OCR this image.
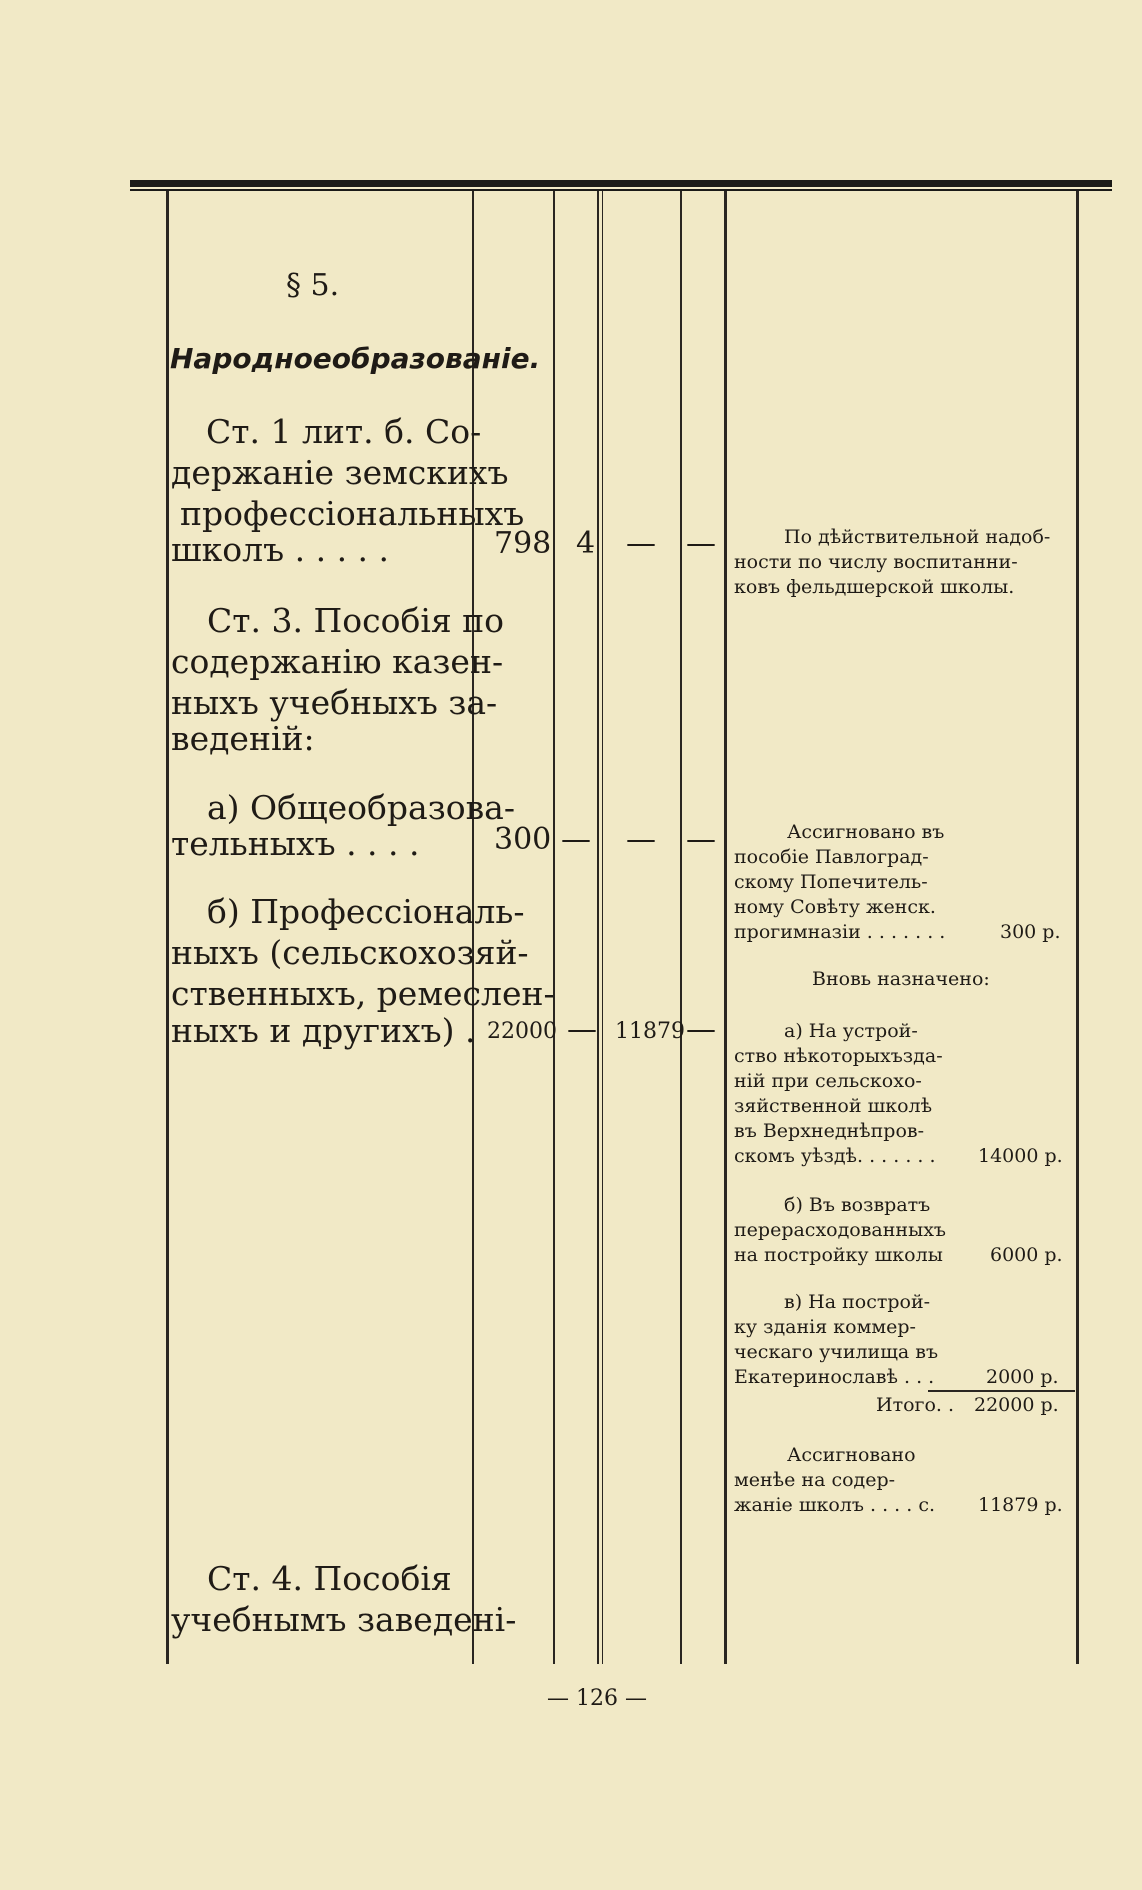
§ 5.
Народноеобразованіе.
Ст. 1 лит. б. Со-
держаніе земскихъ
профессіональныхъ
школъ . . . . .
Ст. 3. Пособія по
содержанію казен-
ныхъ учебныхъ за-
веденій:
а) Общеобразова-
тельныхъ . . . .
б) Профессіональ-
ныхъ (сельскохозяй-
ственныхъ, ремеслен-
ныхъ и другихъ) .
Ст. 4. Пособія
учебнымъ заведені-
798 4 — —
300 — — —
22000 — 11879 —
По дѣйствительной надоб-
ности по числу воспитанни-
ковъ фельдшерской школы.
Ассигновано въ
пособіе Павлоград-
скому Попечитель-
ному Совѣту женск.
прогимназіи . . . . . . .	300 р.
Вновь назначено:
а) На устрой-
ство нѣкоторыхъзда-
ній при сельскохо-
зяйственной школѣ
въ Верхнеднѣпров-
скомъ уѣздѣ. . . . . . . 14000 р.
б) Въ возвратъ
перерасходованныхъ
на постройку школы 6000 р.
в) На построй-
ку зданія коммер-
ческаго училища въ
Екатеринославѣ . . .	2000 р.
Итого. . 22000 р.
Ассигновано
менѣе на содер-
жаніе школъ . . . . с. 11879 р.
— 126 —
